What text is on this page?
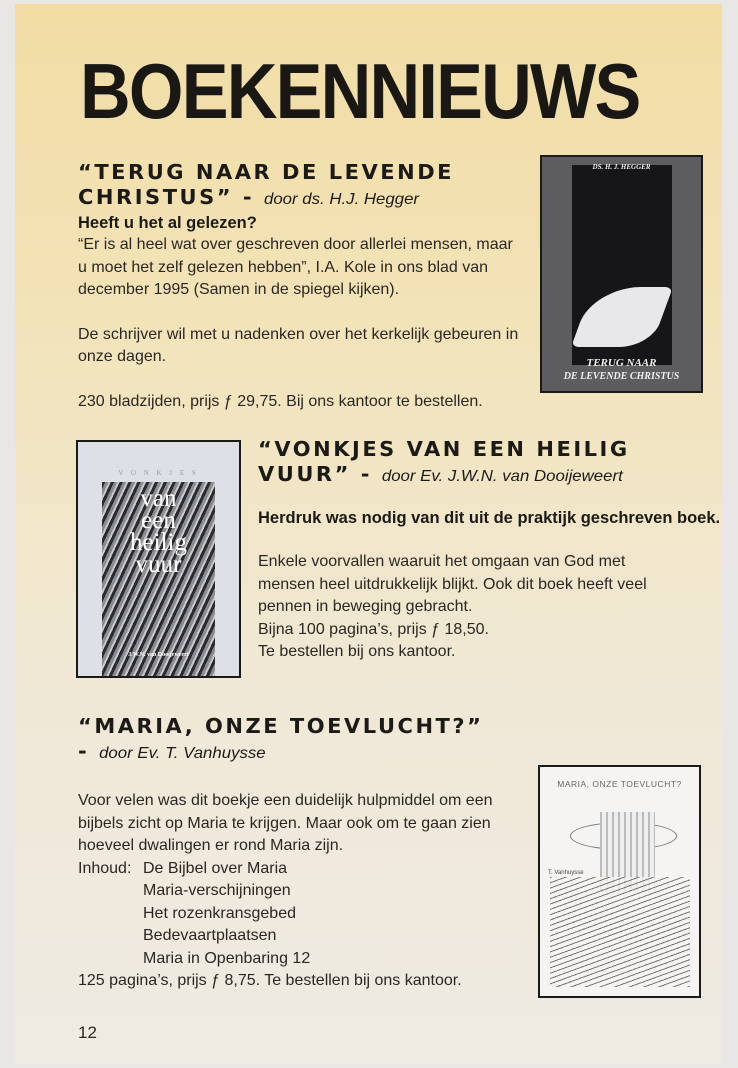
BOEKENNIEUWS
“TERUG NAAR DE LEVENDE
CHRISTUS” - door ds. H.J. Hegger
Heeft u het al gelezen?
“Er is al heel wat over geschreven door allerlei mensen, maar u moet het zelf gelezen hebben”, I.A. Kole in ons blad van december 1995 (Samen in de spiegel kijken).
De schrijver wil met u nadenken over het kerkelijk gebeuren in onze dagen.
230 bladzijden, prijs ƒ 29,75. Bij ons kantoor te bestellen.
DS. H. J. HEGGER
TERUG NAAR
DE LEVENDE CHRISTUS
V O N K J E S
van
een
heilig
vuur
J.W.N. van Dooijeweert
“VONKJES VAN EEN HEILIG
VUUR” - door Ev. J.W.N. van Dooijeweert
Herdruk was nodig van dit uit de praktijk geschreven boek.
Enkele voorvallen waaruit het omgaan van God met mensen heel uitdrukkelijk blijkt. Ook dit boek heeft veel pennen in beweging gebracht.
Bijna 100 pagina’s, prijs ƒ 18,50.
Te bestellen bij ons kantoor.
“MARIA, ONZE TOEVLUCHT?”
- door Ev. T. Vanhuysse
Voor velen was dit boekje een duidelijk hulpmiddel om een bijbels zicht op Maria te krijgen. Maar ook om te gaan zien hoeveel dwalingen er rond Maria zijn.
Inhoud: De Bijbel over Maria
Maria-verschijningen
Het rozenkransgebed
Bedevaartplaatsen
Maria in Openbaring 12
125 pagina’s, prijs ƒ 8,75. Te bestellen bij ons kantoor.
MARIA, ONZE TOEVLUCHT?
T. Vanhuysse
12
